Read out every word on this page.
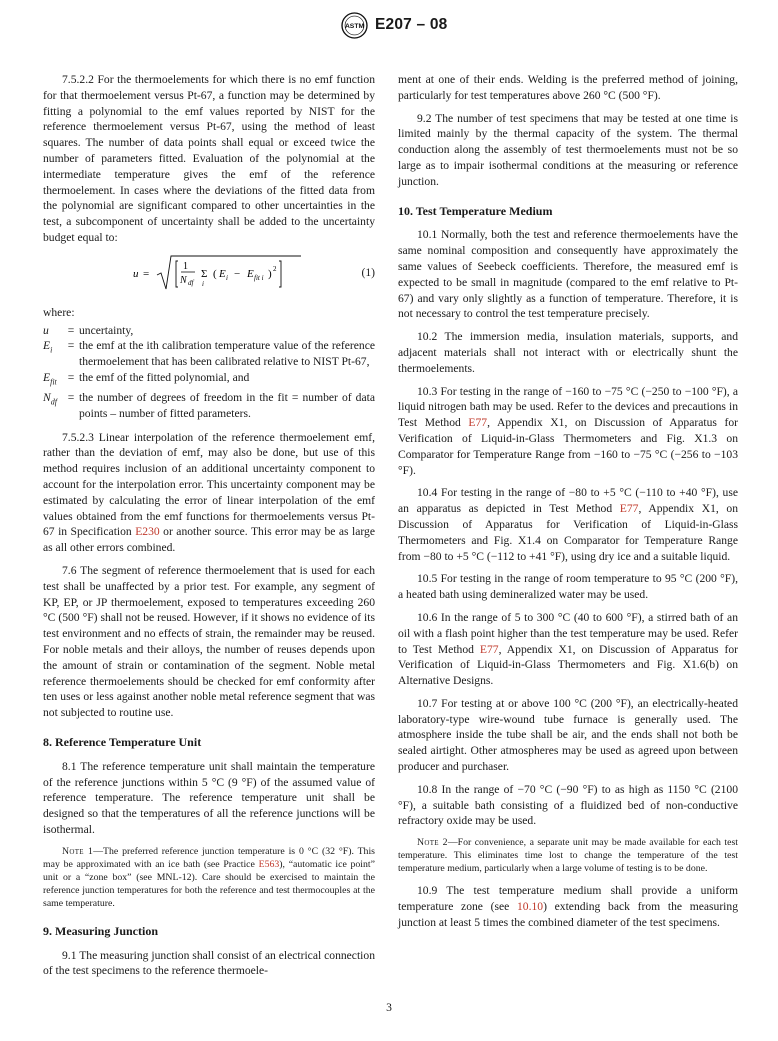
ASTM E207 – 08

7.5.2.2 For the thermoelements for which there is no emf function for that thermoelement versus Pt-67, a function may be determined by fitting a polynomial to the emf values reported by NIST for the reference thermoelement versus Pt-67, using the method of least squares. The number of data points shall equal or exceed twice the number of parameters fitted. Evaluation of the polynomial at the intermediate temperature gives the emf of the reference thermoelement. In cases where the deviations of the fitted data from the polynomial are significant compared to other uncertainties in the test, a subcomponent of uncertainty shall be added to the uncertainty budget equal to:

u =
1
N df
Σ
i
( E i − E fit i ) 2	(1)
where:
u	= uncertainty,
$E_i$	= the emf at the ith calibration temperature value of the reference thermoelement that has been calibrated relative to NIST Pt-67,
$E_{fit}$ = the emf of the fitted polynomial, and
$N_{df}$ = the number of degrees of freedom in the fit = number of data points – number of fitted parameters.

7.5.2.3 Linear interpolation of the reference thermoelement emf, rather than the deviation of emf, may also be done, but use of this method requires inclusion of an additional uncertainty component to account for the interpolation error. This uncertainty component may be estimated by calculating the error of linear interpolation of the emf values obtained from the emf functions for thermoelements versus Pt-67 in Specification E230 or another source. This error may be as large as all other errors combined.

7.6 The segment of reference thermoelement that is used for each test shall be unaffected by a prior test. For example, any segment of KP, EP, or JP thermoelement, exposed to temperatures exceeding 260 °C (500 °F) shall not be reused. However, if it shows no evidence of its test environment and no effects of strain, the remainder may be reused. For noble metals and their alloys, the number of reuses depends upon the amount of strain or contamination of the segment. Noble metal reference thermoelements should be checked for emf conformity after ten uses or less against another noble metal reference segment that was not subjected to routine use.

8. Reference Temperature Unit

8.1 The reference temperature unit shall maintain the temperature of the reference junctions within 5 °C (9 °F) of the assumed value of reference temperature. The reference temperature unit shall be designed so that the temperatures of all the reference junctions will be isothermal.

Note 1—The preferred reference junction temperature is 0 °C (32 °F). This may be approximated with an ice bath (see Practice E563), “automatic ice point” unit or a “zone box” (see MNL-12). Care should be exercised to maintain the reference junction temperatures for both the reference and test thermocouples at the same temperature.
9. Measuring Junction

9.1 The measuring junction shall consist of an electrical connection of the test specimens to the reference thermoele-

ment at one of their ends. Welding is the preferred method of joining, particularly for test temperatures above 260 °C (500 °F).

9.2 The number of test specimens that may be tested at one time is limited mainly by the thermal capacity of the system. The thermal conduction along the assembly of test thermoelements must not be so large as to impair isothermal conditions at the measuring or reference junction.

10. Test Temperature Medium

10.1 Normally, both the test and reference thermoelements have the same nominal composition and consequently have approximately the same values of Seebeck coefficients. Therefore, the measured emf is expected to be small in magnitude (compared to the emf relative to Pt-67) and vary only slightly as a function of temperature. Therefore, it is not necessary to control the test temperature precisely.

10.2 The immersion media, insulation materials, supports, and adjacent materials shall not interact with or electrically shunt the thermoelements.

10.3 For testing in the range of −160 to −75 °C (−250 to −100 °F), a liquid nitrogen bath may be used. Refer to the devices and precautions in Test Method E77, Appendix X1, on Discussion of Apparatus for Verification of Liquid-in-Glass Thermometers and Fig. X1.3 on Comparator for Temperature Range from −160 to −75 °C (−256 to −103 °F).

10.4 For testing in the range of −80 to +5 °C (−110 to +40 °F), use an apparatus as depicted in Test Method E77, Appendix X1, on Discussion of Apparatus for Verification of Liquid-in-Glass Thermometers and Fig. X1.4 on Comparator for Temperature Range from −80 to +5 °C (−112 to +41 °F), using dry ice and a suitable liquid.

10.5 For testing in the range of room temperature to 95 °C (200 °F), a heated bath using demineralized water may be used.

10.6 In the range of 5 to 300 °C (40 to 600 °F), a stirred bath of an oil with a flash point higher than the test temperature may be used. Refer to Test Method E77, Appendix X1, on Discussion of Apparatus for Verification of Liquid-in-Glass Thermometers and Fig. X1.6(b) on Alternative Designs.

10.7 For testing at or above 100 °C (200 °F), an electrically-heated laboratory-type wire-wound tube furnace is generally used. The atmosphere inside the tube shall be air, and the ends shall not both be sealed airtight. Other atmospheres may be used as agreed upon between producer and purchaser.

10.8 In the range of −70 °C (−90 °F) to as high as 1150 °C (2100 °F), a suitable bath consisting of a fluidized bed of non-conductive refractory oxide may be used.

Note 2—For convenience, a separate unit may be made available for each test temperature. This eliminates time lost to change the temperature of the test temperature medium, particularly when a large volume of testing is to be done.

10.9 The test temperature medium shall provide a uniform temperature zone (see 10.10) extending back from the measuring junction at least 5 times the combined diameter of the test specimens.

3
